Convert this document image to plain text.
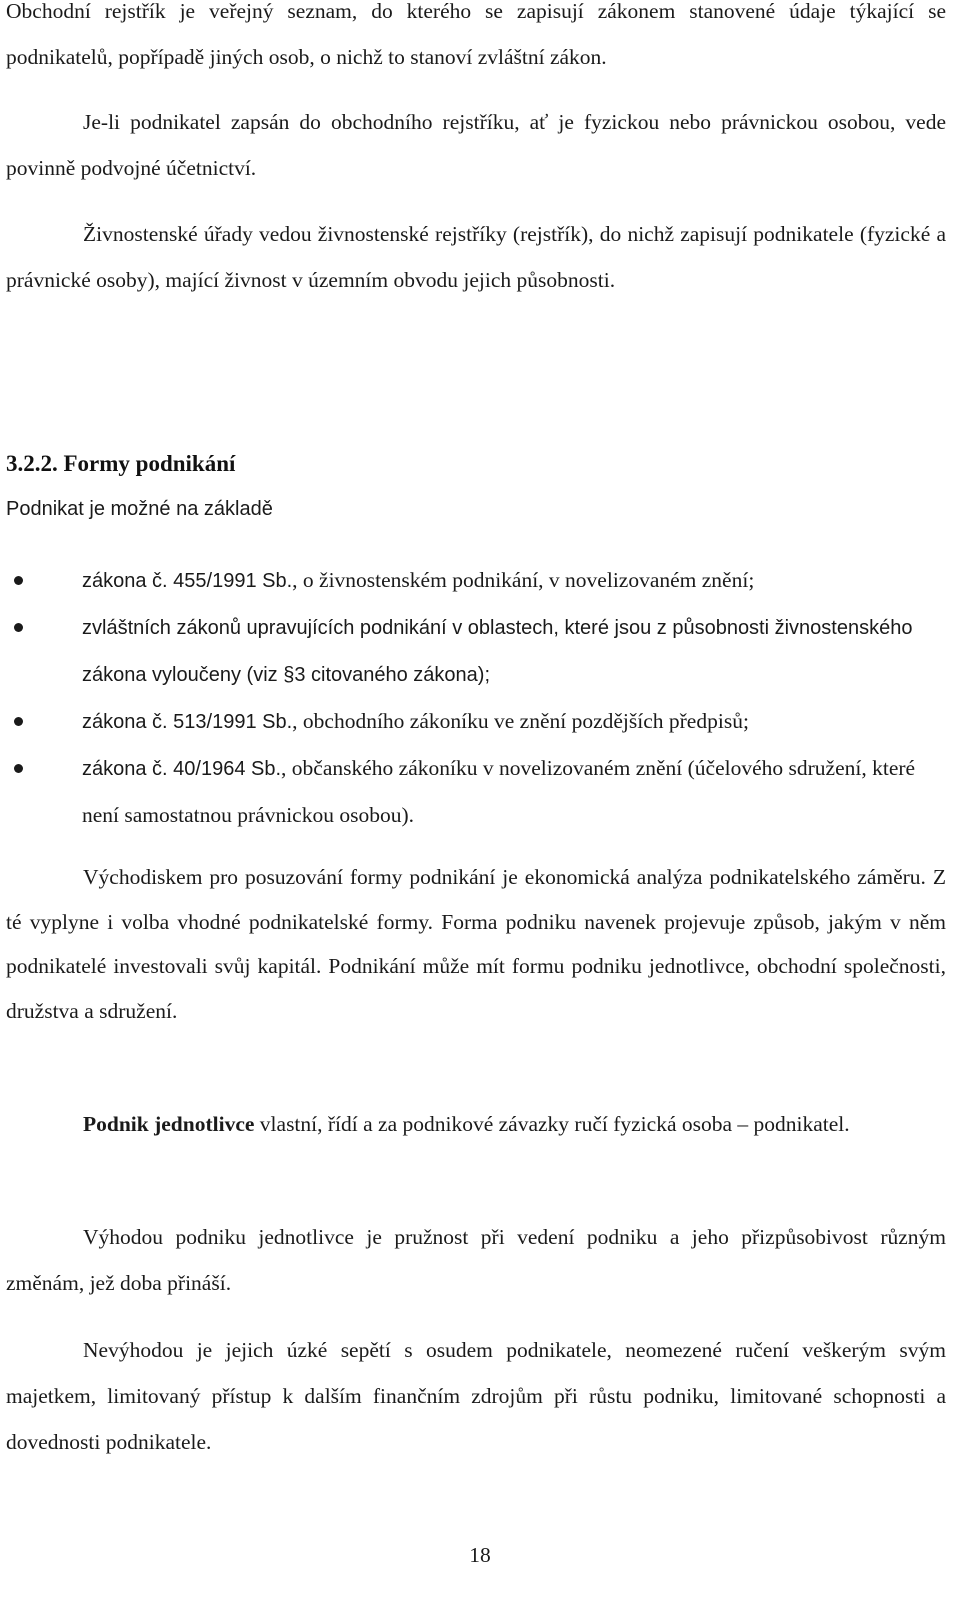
Obchodní rejstřík je veřejný seznam, do kterého se zapisují zákonem stanovené údaje týkající se podnikatelů, popřípadě jiných osob, o nichž to stanoví zvláštní zákon.

Je-li podnikatel zapsán do obchodního rejstříku, ať je fyzickou nebo právnickou osobou, vede povinně podvojné účetnictví.

Živnostenské úřady vedou živnostenské rejstříky (rejstřík), do nichž zapisují podnikatele (fyzické a právnické osoby), mající živnost v územním obvodu jejich působnosti.

3.2.2. Formy podnikání

Podnikat je možné na základě

zákona č. 455/1991 Sb., o živnostenském podnikání, v novelizovaném znění;
zvláštních zákonů upravujících podnikání v oblastech, které jsou z působnosti živnostenského zákona vyloučeny (viz §3 citovaného zákona);
zákona č. 513/1991 Sb., obchodního zákoníku ve znění pozdějších předpisů;
zákona č. 40/1964 Sb., občanského zákoníku v novelizovaném znění (účelového sdružení, které není samostatnou právnickou osobou).

Východiskem pro posuzování formy podnikání je ekonomická analýza podnikatelského záměru. Z té vyplyne i volba vhodné podnikatelské formy. Forma podniku navenek projevuje způsob, jakým v něm podnikatelé investovali svůj kapitál. Podnikání může mít formu podniku jednotlivce, obchodní společnosti, družstva a sdružení.

Podnik jednotlivce vlastní, řídí a za podnikové závazky ručí fyzická osoba – podnikatel.

Výhodou podniku jednotlivce je pružnost při vedení podniku a jeho přizpůsobivost různým změnám, jež doba přináší.

Nevýhodou je jejich úzké sepětí s osudem podnikatele, neomezené ručení veškerým svým majetkem, limitovaný přístup k dalším finančním zdrojům při růstu podniku, limitované schopnosti a dovednosti podnikatele.

18
